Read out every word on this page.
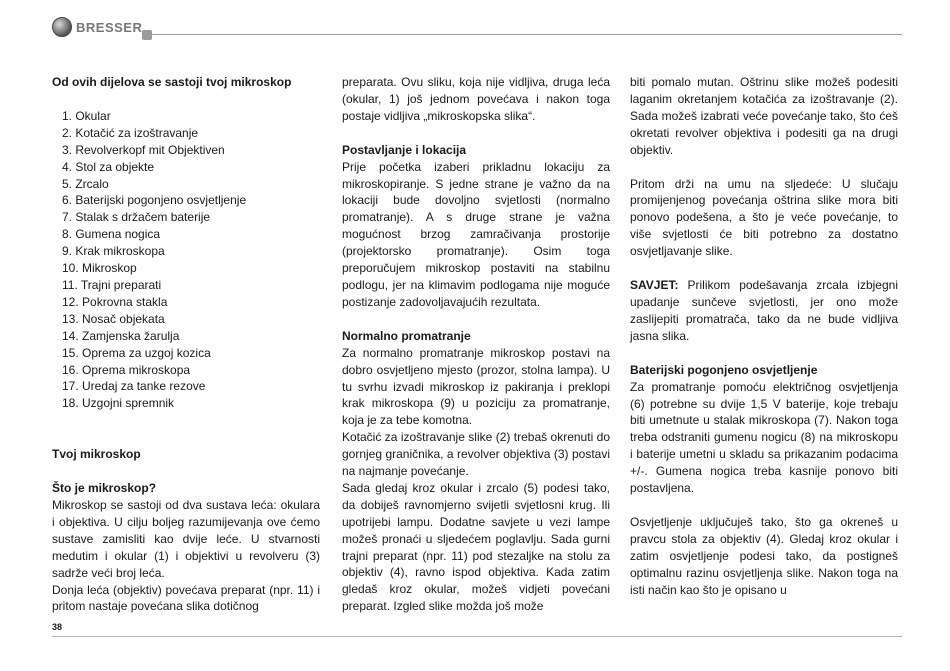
BRESSER

Od ovih dijelova se sastoji tvoj mikroskop

1. Okular
2. Kotačić za izoštravanje
3. Revolverkopf mit Objektiven
4. Stol za objekte
5. Zrcalo
6. Baterijski pogonjeno osvjetljenje
7. Stalak s držačem baterije
8. Gumena nogica
9. Krak mikroskopa
10. Mikroskop
11. Trajni preparati
12. Pokrovna stakla
13. Nosač objekata
14. Zamjenska žarulja
15. Oprema za uzgoj kozica
16. Oprema mikroskopa
17. Uredaj za tanke rezove
18. Uzgojni spremnik

Tvoj mikroskop

Što je mikroskop?

Mikroskop se sastoji od dva sustava leća: okulara i objektiva. U cilju boljeg razumijevanja ove ćemo sustave zamisliti kao dvije leće. U stvarnosti medutim i okular (1) i objektivi u revolveru (3) sadrže veći broj leća.

Donja leća (objektiv) povećava preparat (npr. 11) i pritom nastaje povećana slika dotičnog

preparata. Ovu sliku, koja nije vidljiva, druga leća (okular, 1) još jednom povećava i nakon toga postaje vidljiva „mikroskopska slika“.

Postavljanje i lokacija

Prije početka izaberi prikladnu lokaciju za mikroskopiranje. S jedne strane je važno da na lokaciji bude dovoljno svjetlosti (normalno promatranje). A s druge strane je važna mogućnost brzog zamračivanja prostorije (projektorsko promatranje). Osim toga preporučujem mikroskop postaviti na stabilnu podlogu, jer na klimavim podlogama nije moguće postizanje zadovoljavajućih rezultata.

Normalno promatranje

Za normalno promatranje mikroskop postavi na dobro osvjetljeno mjesto (prozor, stolna lampa). U tu svrhu izvadi mikroskop iz pakiranja i preklopi krak mikroskopa (9) u poziciju za promatranje, koja je za tebe komotna.

Kotačić za izoštravanje slike (2) trebaš okrenuti do gornjeg graničnika, a revolver objektiva (3) postavi na najmanje povećanje.

Sada gledaj kroz okular i zrcalo (5) podesi tako, da dobiješ ravnomjerno svijetli svjetlosni krug. Ili upotrijebi lampu. Dodatne savjete u vezi lampe možeš pronaći u sljedećem poglavlju. Sada gurni trajni preparat (npr. 11) pod stezaljke na stolu za objektiv (4), ravno ispod objektiva. Kada zatim gledaš kroz okular, možeš vidjeti povećani preparat. Izgled slike možda još može

biti pomalo mutan. Oštrinu slike možeš podesiti laganim okretanjem kotačića za izoštravanje (2). Sada možeš izabrati veće povećanje tako, što ćeš okretati revolver objektiva i podesiti ga na drugi objektiv.

Pritom drži na umu na sljedeće: U slučaju promijenjenog povećanja oštrina slike mora biti ponovo podešena, a što je veće povećanje, to više svjetlosti će biti potrebno za dostatno osvjetljavanje slike.

SAVJET: Prilikom podešavanja zrcala izbjegni upadanje sunčeve svjetlosti, jer ono može zaslijepiti promatrača, tako da ne bude vidljiva jasna slika.

Baterijski pogonjeno osvjetljenje

Za promatranje pomoću električnog osvjetljenja (6) potrebne su dvije 1,5 V baterije, koje trebaju biti umetnute u stalak mikroskopa (7). Nakon toga treba odstraniti gumenu nogicu (8) na mikroskopu i baterije umetni u skladu sa prikazanim podacima +/-. Gumena nogica treba kasnije ponovo biti postavljena.

Osvjetljenje uključuješ tako, što ga okreneš u pravcu stola za objektiv (4). Gledaj kroz okular i zatim osvjetljenje podesi tako, da postigneš optimalnu razinu osvjetljenja slike. Nakon toga na isti način kao što je opisano u

38
